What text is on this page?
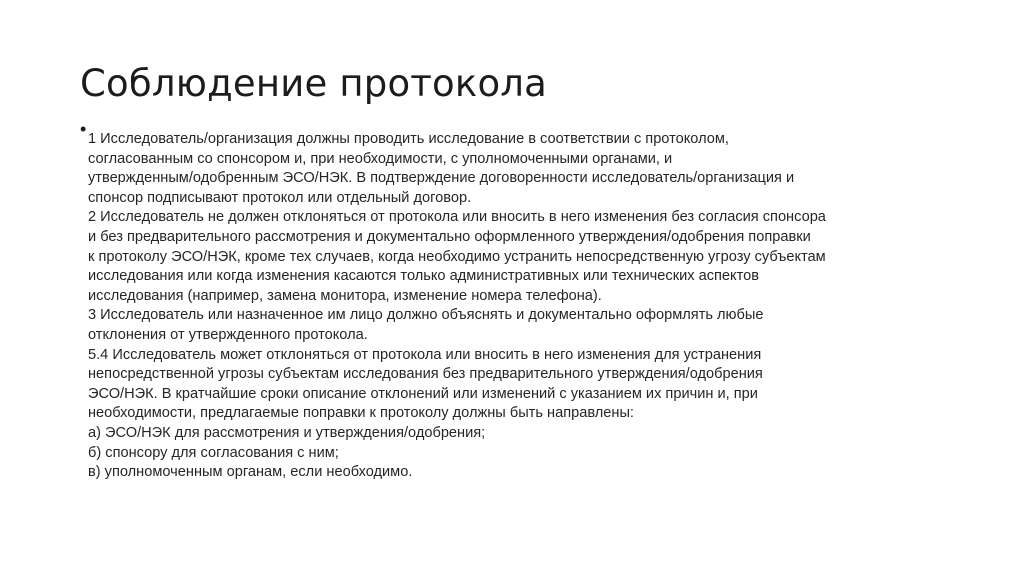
Соблюдение протокола
• 1 Исследователь/организация должны проводить исследование в соответствии с протоколом,
согласованным со спонсором и, при необходимости, с уполномоченными органами, и
утвержденным/одобренным ЭСО/НЭК. В подтверждение договоренности исследователь/организация и
спонсор подписывают протокол или отдельный договор.
2 Исследователь не должен отклоняться от протокола или вносить в него изменения без согласия спонсора
и без предварительного рассмотрения и документально оформленного утверждения/одобрения поправки
к протоколу ЭСО/НЭК, кроме тех случаев, когда необходимо устранить непосредственную угрозу субъектам
исследования или когда изменения касаются только административных или технических аспектов
исследования (например, замена монитора, изменение номера телефона).
3 Исследователь или назначенное им лицо должно объяснять и документально оформлять любые
отклонения от утвержденного протокола.
5.4 Исследователь может отклоняться от протокола или вносить в него изменения для устранения
непосредственной угрозы субъектам исследования без предварительного утверждения/одобрения
ЭСО/НЭК. В кратчайшие сроки описание отклонений или изменений с указанием их причин и, при
необходимости, предлагаемые поправки к протоколу должны быть направлены:
а) ЭСО/НЭК для рассмотрения и утверждения/одобрения;
б) спонсору для согласования с ним;
в) уполномоченным органам, если необходимо.
